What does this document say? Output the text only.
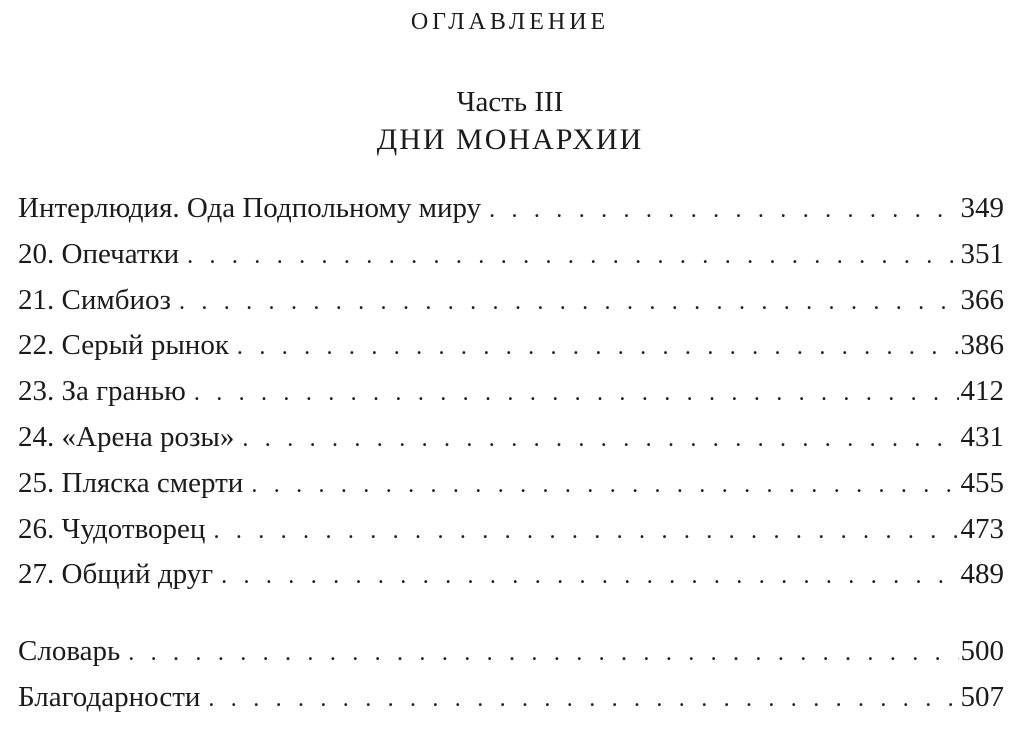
ОГЛАВЛЕНИЕ
Часть III
ДНИ МОНАРХИИ
Интерлюдия. Ода Подпольному миру . . .	349
20. Опечатки . . .	351
21. Симбиоз . . .	366
22. Серый рынок . . .	386
23. За гранью . . .	412
24. «Арена розы» . . .	431
25. Пляска смерти . . .	455
26. Чудотворец . . .	473
27. Общий друг . . .	489
Словарь . . .	500
Благодарности . . .	507
